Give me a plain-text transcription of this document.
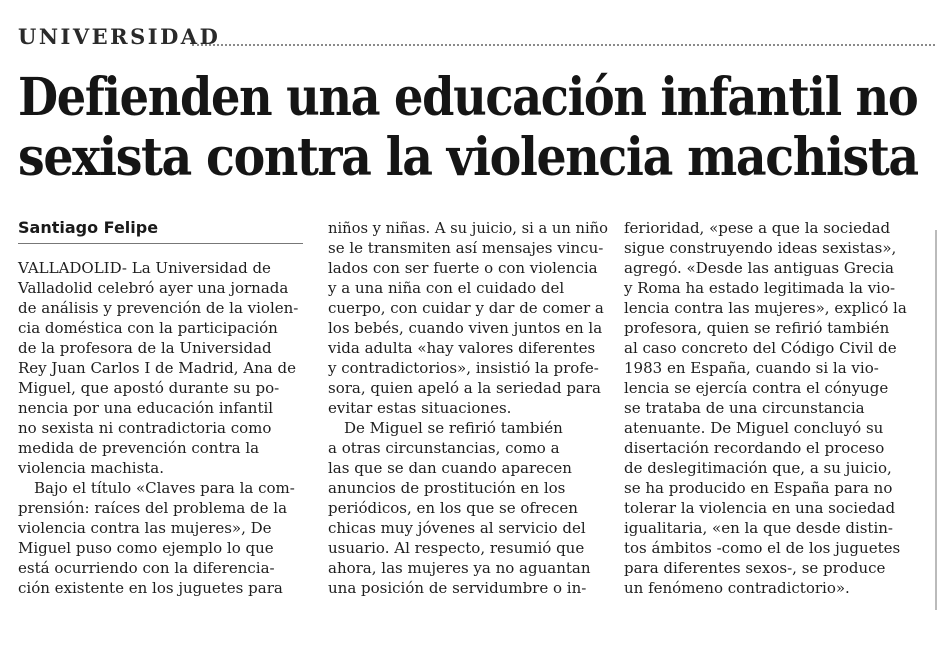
UNIVERSIDAD
Defienden una educación infantil no
sexista contra la violencia machista
Santiago Felipe
VALLADOLID- La Universidad de
Valladolid celebró ayer una jornada
de análisis y prevención de la violen-
cia doméstica con la participación
de la profesora de la Universidad
Rey Juan Carlos I de Madrid, Ana de
Miguel, que apostó durante su po-
nencia por una educación infantil
no sexista ni contradictoria como
medida de prevención contra la
violencia machista.
Bajo el título «Claves para la com-
prensión: raíces del problema de la
violencia contra las mujeres», De
Miguel puso como ejemplo lo que
está ocurriendo con la diferencia-
ción existente en los juguetes para
niños y niñas. A su juicio, si a un niño
se le transmiten así mensajes vincu-
lados con ser fuerte o con violencia
y a una niña con el cuidado del
cuerpo, con cuidar y dar de comer a
los bebés, cuando viven juntos en la
vida adulta «hay valores diferentes
y contradictorios», insistió la profe-
sora, quien apeló a la seriedad para
evitar estas situaciones.
De Miguel se refirió también
a otras circunstancias, como a
las que se dan cuando aparecen
anuncios de prostitución en los
periódicos, en los que se ofrecen
chicas muy jóvenes al servicio del
usuario. Al respecto, resumió que
ahora, las mujeres ya no aguantan
una posición de servidumbre o in-
ferioridad, «pese a que la sociedad
sigue construyendo ideas sexistas»,
agregó. «Desde las antiguas Grecia
y Roma ha estado legitimada la vio-
lencia contra las mujeres», explicó la
profesora, quien se refirió también
al caso concreto del Código Civil de
1983 en España, cuando si la vio-
lencia se ejercía contra el cónyuge
se trataba de una circunstancia
atenuante. De Miguel concluyó su
disertación recordando el proceso
de deslegitimación que, a su juicio,
se ha producido en España para no
tolerar la violencia en una sociedad
igualitaria, «en la que desde distin-
tos ámbitos -como el de los juguetes
para diferentes sexos-, se produce
un fenómeno contradictorio».
